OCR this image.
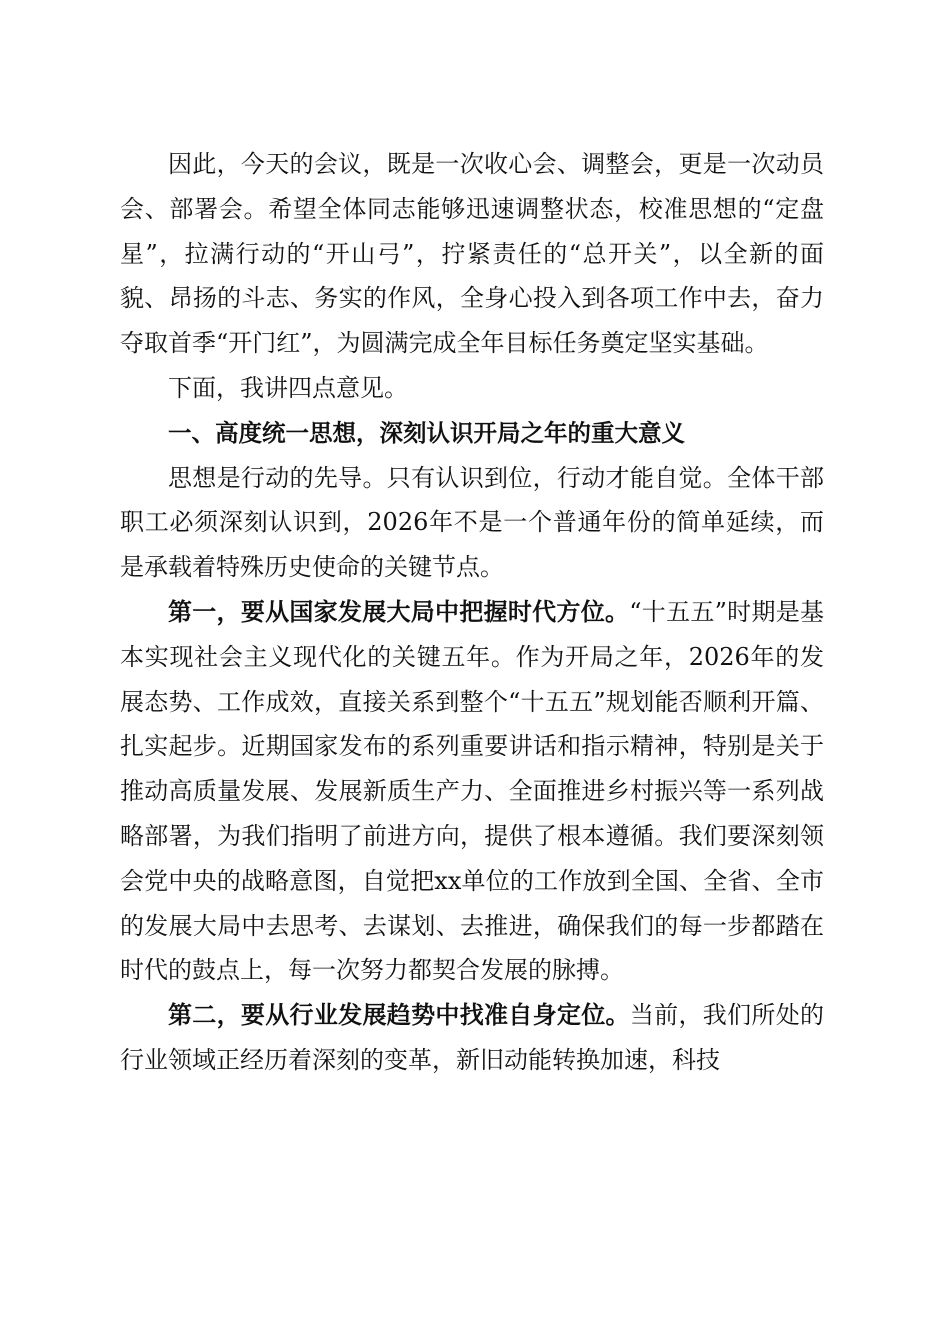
因此，今天的会议，既是一次收心会、调整会，更是一次动员会、部署会。希望全体同志能够迅速调整状态，校准思想的“定盘星”，拉满行动的“开山弓”，拧紧责任的“总开关”，以全新的面貌、昂扬的斗志、务实的作风，全身心投入到各项工作中去，奋力夺取首季“开门红”，为圆满完成全年目标任务奠定坚实基础。

下面，我讲四点意见。

一、高度统一思想，深刻认识开局之年的重大意义

思想是行动的先导。只有认识到位，行动才能自觉。全体干部职工必须深刻认识到，2026年不是一个普通年份的简单延续，而是承载着特殊历史使命的关键节点。

第一，要从国家发展大局中把握时代方位。“十五五”时期是基本实现社会主义现代化的关键五年。作为开局之年，2026年的发展态势、工作成效，直接关系到整个“十五五”规划能否顺利开篇、扎实起步。近期国家发布的系列重要讲话和指示精神，特别是关于推动高质量发展、发展新质生产力、全面推进乡村振兴等一系列战略部署，为我们指明了前进方向，提供了根本遵循。我们要深刻领会党中央的战略意图，自觉把xx单位的工作放到全国、全省、全市的发展大局中去思考、去谋划、去推进，确保我们的每一步都踏在时代的鼓点上，每一次努力都契合发展的脉搏。

第二，要从行业发展趋势中找准自身定位。当前，我们所处的行业领域正经历着深刻的变革，新旧动能转换加速，科技
